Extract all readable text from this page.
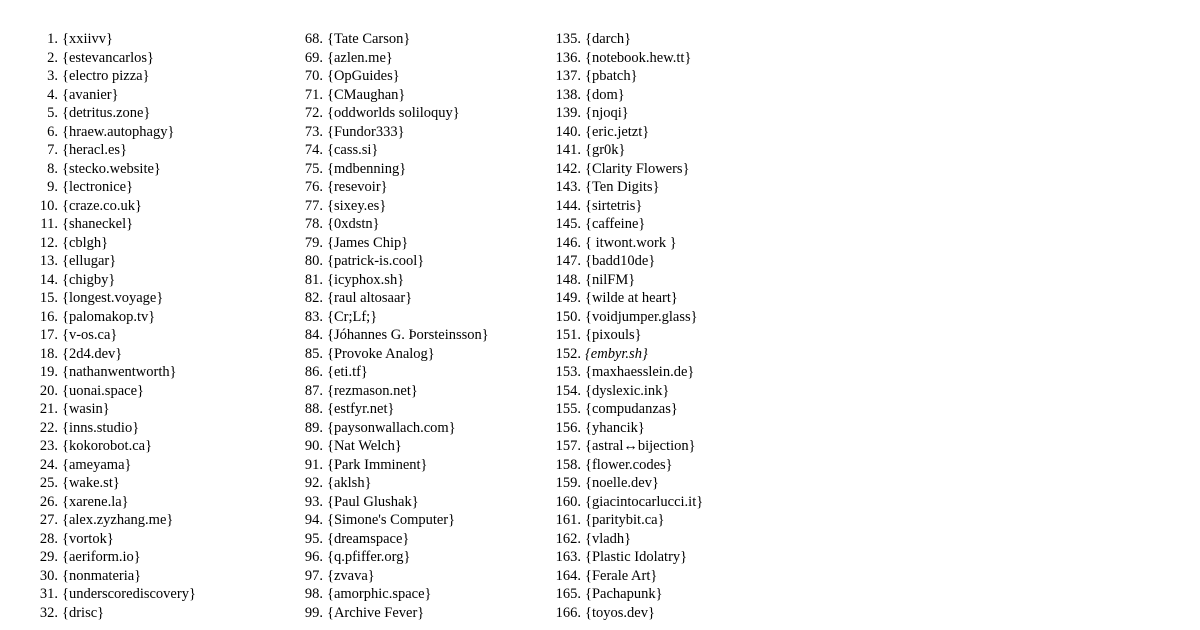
1. {xxiivv}
2. {estevancarlos}
3. {electro pizza}
4. {avanier}
5. {detritus.zone}
6. {hraew.autophagy}
7. {heracl.es}
8. {stecko.website}
9. {lectronice}
10. {craze.co.uk}
11. {shaneckel}
12. {cblgh}
13. {ellugar}
14. {chigby}
15. {longest.voyage}
16. {palomakop.tv}
17. {v-os.ca}
18. {2d4.dev}
19. {nathanwentworth}
20. {uonai.space}
21. {wasin}
22. {inns.studio}
23. {kokorobot.ca}
24. {ameyama}
25. {wake.st}
26. {xarene.la}
27. {alex.zyzhang.me}
28. {vortok}
29. {aeriform.io}
30. {nonmateria}
31. {underscorediscovery}
32. {drisc}
68. {Tate Carson}
69. {azlen.me}
70. {OpGuides}
71. {CMaughan}
72. {oddworlds soliloquy}
73. {Fundor333}
74. {cass.si}
75. {mdbenning}
76. {resevoir}
77. {sixey.es}
78. {0xdstn}
79. {James Chip}
80. {patrick-is.cool}
81. {icyphox.sh}
82. {raul altosaar}
83. {Cr;Lf;}
84. {Jóhannes G. Þorsteinsson}
85. {Provoke Analog}
86. {eti.tf}
87. {rezmason.net}
88. {estfyr.net}
89. {paysonwallach.com}
90. {Nat Welch}
91. {Park Imminent}
92. {aklsh}
93. {Paul Glushak}
94. {Simone's Computer}
95. {dreamspace}
96. {q.pfiffer.org}
97. {zvava}
98. {amorphic.space}
99. {Archive Fever}
135. {darch}
136. {notebook.hew.tt}
137. {pbatch}
138. {dom}
139. {njoqi}
140. {eric.jetzt}
141. {gr0k}
142. {Clarity Flowers}
143. {Ten Digits}
144. {sirtetris}
145. {caffeine}
146. { itwont.work }
147. {badd10de}
148. {nilFM}
149. {wilde at heart}
150. {voidjumper.glass}
151. {pixouls}
152. {embyr.sh}
153. {maxhaesslein.de}
154. {dyslexic.ink}
155. {compudanzas}
156. {yhancik}
157. {astral↔bijection}
158. {flower.codes}
159. {noelle.dev}
160. {giacintocarlucci.it}
161. {paritybit.ca}
162. {vladh}
163. {Plastic Idolatry}
164. {Ferale Art}
165. {Pachapunk}
166. {toyos.dev}
